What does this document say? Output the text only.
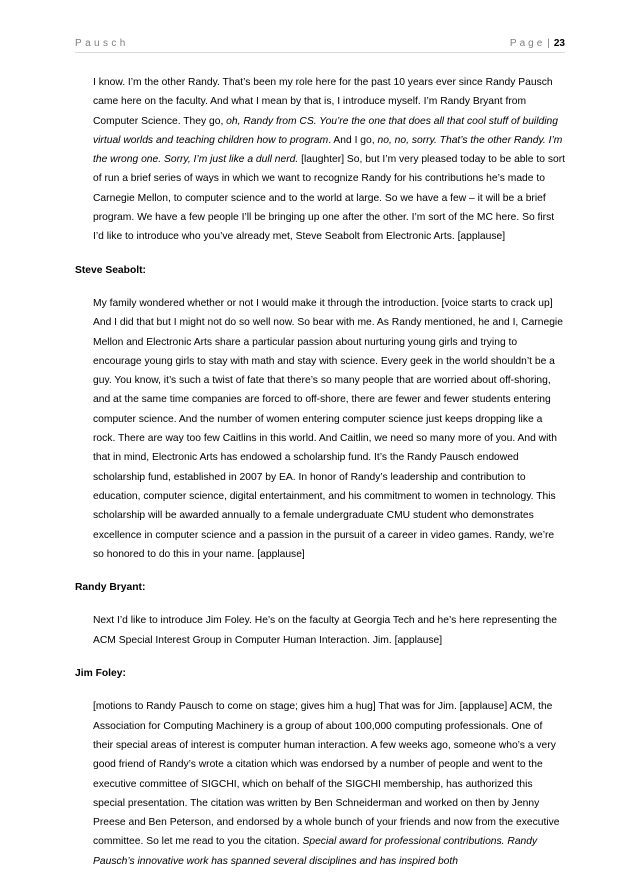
Pausch	Page | 23

I know. I’m the other Randy. That’s been my role here for the past 10 years ever since Randy Pausch came here on the faculty. And what I mean by that is, I introduce myself. I’m Randy Bryant from Computer Science. They go, oh, Randy from CS. You’re the one that does all that cool stuff of building virtual worlds and teaching children how to program. And I go, no, no, sorry. That’s the other Randy. I’m the wrong one. Sorry, I’m just like a dull nerd. [laughter] So, but I’m very pleased today to be able to sort of run a brief series of ways in which we want to recognize Randy for his contributions he’s made to Carnegie Mellon, to computer science and to the world at large. So we have a few – it will be a brief program. We have a few people I’ll be bringing up one after the other. I’m sort of the MC here. So first I’d like to introduce who you’ve already met, Steve Seabolt from Electronic Arts. [applause]

Steve Seabolt:

My family wondered whether or not I would make it through the introduction. [voice starts to crack up] And I did that but I might not do so well now. So bear with me. As Randy mentioned, he and I, Carnegie Mellon and Electronic Arts share a particular passion about nurturing young girls and trying to encourage young girls to stay with math and stay with science. Every geek in the world shouldn’t be a guy. You know, it’s such a twist of fate that there’s so many people that are worried about off-shoring, and at the same time companies are forced to off-shore, there are fewer and fewer students entering computer science. And the number of women entering computer science just keeps dropping like a rock. There are way too few Caitlins in this world. And Caitlin, we need so many more of you. And with that in mind, Electronic Arts has endowed a scholarship fund. It’s the Randy Pausch endowed scholarship fund, established in 2007 by EA. In honor of Randy’s leadership and contribution to education, computer science, digital entertainment, and his commitment to women in technology. This scholarship will be awarded annually to a female undergraduate CMU student who demonstrates excellence in computer science and a passion in the pursuit of a career in video games. Randy, we’re so honored to do this in your name. [applause]

Randy Bryant:

Next I’d like to introduce Jim Foley. He’s on the faculty at Georgia Tech and he’s here representing the ACM Special Interest Group in Computer Human Interaction. Jim. [applause]

Jim Foley:

[motions to Randy Pausch to come on stage; gives him a hug] That was for Jim. [applause] ACM, the Association for Computing Machinery is a group of about 100,000 computing professionals. One of their special areas of interest is computer human interaction. A few weeks ago, someone who’s a very good friend of Randy’s wrote a citation which was endorsed by a number of people and went to the executive committee of SIGCHI, which on behalf of the SIGCHI membership, has authorized this special presentation. The citation was written by Ben Schneiderman and worked on then by Jenny Preese and Ben Peterson, and endorsed by a whole bunch of your friends and now from the executive committee. So let me read to you the citation. Special award for professional contributions. Randy Pausch’s innovative work has spanned several disciplines and has inspired both
